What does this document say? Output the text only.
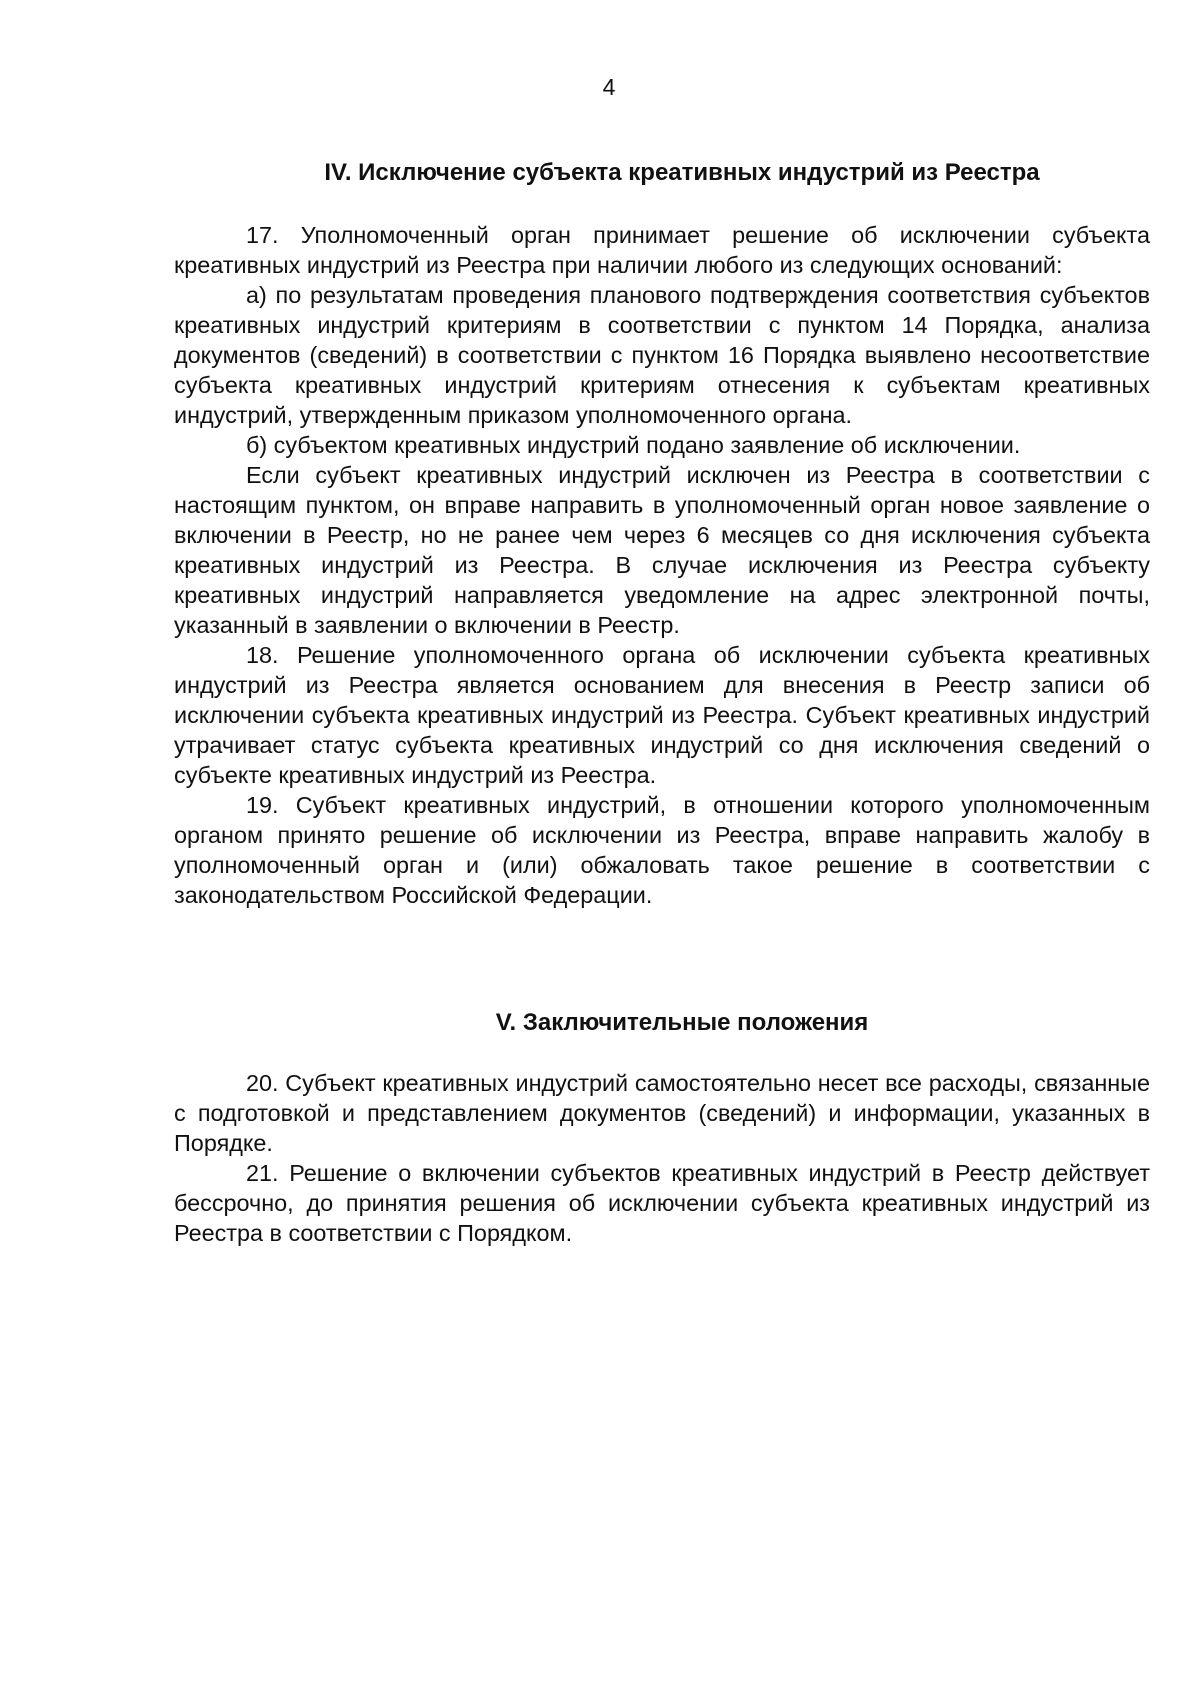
4
IV. Исключение субъекта креативных индустрий из Реестра

17. Уполномоченный орган принимает решение об исключении субъекта креативных индустрий из Реестра при наличии любого из следующих оснований:

а) по результатам проведения планового подтверждения соответствия субъектов креативных индустрий критериям в соответствии с пунктом 14 Порядка, анализа документов (сведений) в соответствии с пунктом 16 Порядка выявлено несоответствие субъекта креативных индустрий критериям отнесения к субъектам креативных индустрий, утвержденным приказом уполномоченного органа.

б) субъектом креативных индустрий подано заявление об исключении.

Если субъект креативных индустрий исключен из Реестра в соответствии с настоящим пунктом, он вправе направить в уполномоченный орган новое заявление о включении в Реестр, но не ранее чем через 6 месяцев со дня исключения субъекта креативных индустрий из Реестра. В случае исключения из Реестра субъекту креативных индустрий направляется уведомление на адрес электронной почты, указанный в заявлении о включении в Реестр.

18. Решение уполномоченного органа об исключении субъекта креативных индустрий из Реестра является основанием для внесения в Реестр записи об исключении субъекта креативных индустрий из Реестра. Субъект креативных индустрий утрачивает статус субъекта креативных индустрий со дня исключения сведений о субъекте креативных индустрий из Реестра.

19. Субъект креативных индустрий, в отношении которого уполномоченным органом принято решение об исключении из Реестра, вправе направить жалобу в уполномоченный орган и (или) обжаловать такое решение в соответствии с законодательством Российской Федерации.

V. Заключительные положения

20. Субъект креативных индустрий самостоятельно несет все расходы, связанные с подготовкой и представлением документов (сведений) и информации, указанных в Порядке.

21. Решение о включении субъектов креативных индустрий в Реестр действует бессрочно, до принятия решения об исключении субъекта креативных индустрий из Реестра в соответствии с Порядком.
